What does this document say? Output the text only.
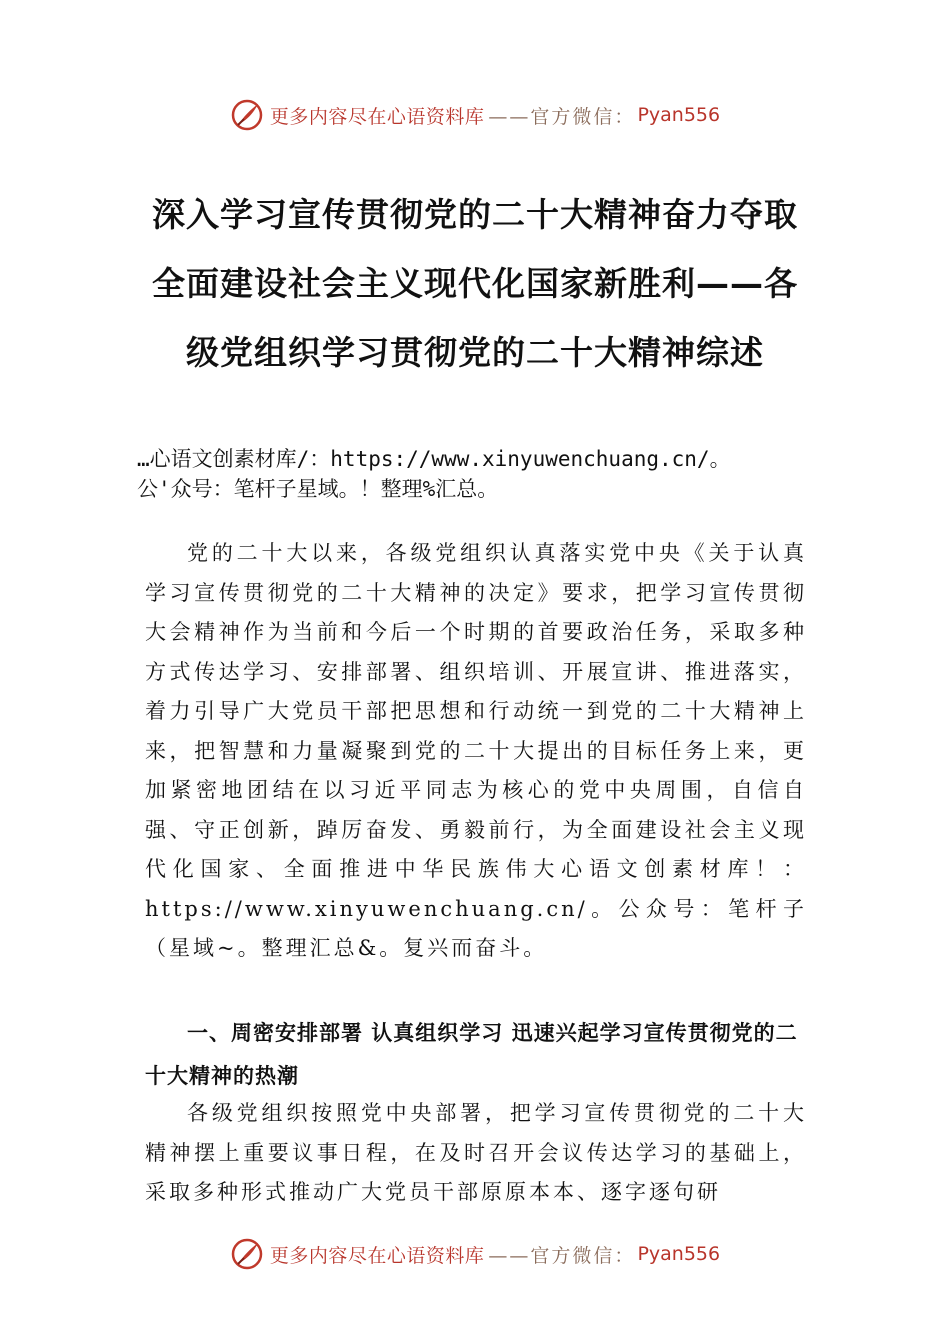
更多内容尽在心语资料库 ——官方微信： Pyan556
深入学习宣传贯彻党的二十大精神奋力夺取全面建设社会主义现代化国家新胜利——各级党组织学习贯彻党的二十大精神综述
…心语文创素材库/：https://www.xinyuwenchuang.cn/。
公'众号：笔杆子星域。！整理%汇总。

党的二十大以来，各级党组织认真落实党中央《关于认真学习宣传贯彻党的二十大精神的决定》要求，把学习宣传贯彻大会精神作为当前和今后一个时期的首要政治任务，采取多种方式传达学习、安排部署、组织培训、开展宣讲、推进落实，着力引导广大党员干部把思想和行动统一到党的二十大精神上来，把智慧和力量凝聚到党的二十大提出的目标任务上来，更加紧密地团结在以习近平同志为核心的党中央周围，自信自强、守正创新，踔厉奋发、勇毅前行，为全面建设社会主义现代化国家、全面推进中华民族伟大心语文创素材库！：https://www.xinyuwenchuang.cn/。公众号：笔杆子（星域~。整理汇总&。复兴而奋斗。

一、周密安排部署 认真组织学习 迅速兴起学习宣传贯彻党的二十大精神的热潮

各级党组织按照党中央部署，把学习宣传贯彻党的二十大精神摆上重要议事日程，在及时召开会议传达学习的基础上，采取多种形式推动广大党员干部原原本本、逐字逐句研

更多内容尽在心语资料库 ——官方微信： Pyan556
